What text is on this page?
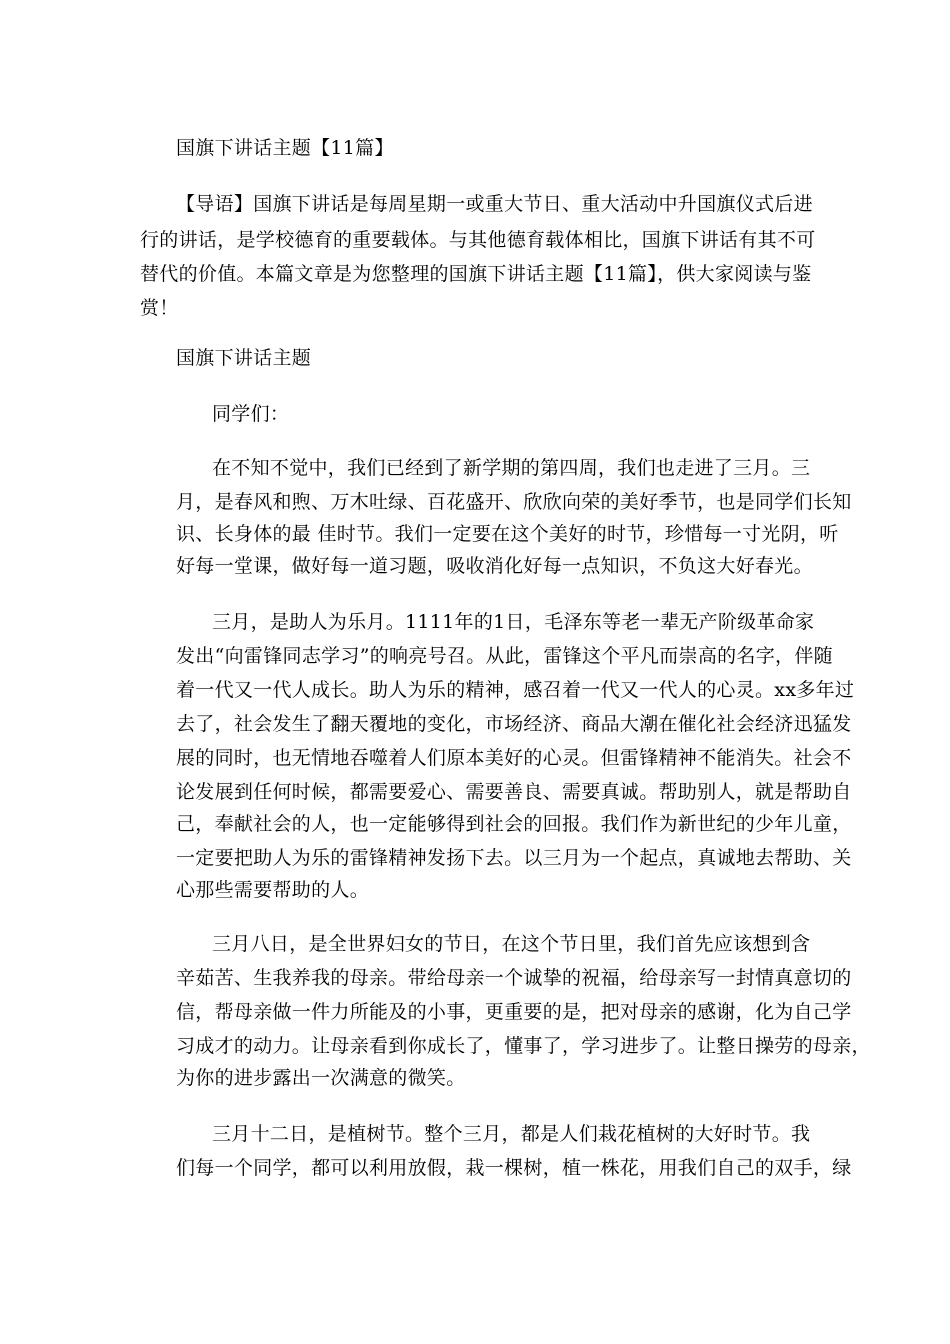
国旗下讲话主题【11篇】
【导语】国旗下讲话是每周星期一或重大节日、重大活动中升国旗仪式后进
行的讲话，是学校德育的重要载体。与其他德育载体相比，国旗下讲话有其不可
替代的价值。本篇文章是为您整理的国旗下讲话主题【11篇】，供大家阅读与鉴
赏！
国旗下讲话主题
同学们：
在不知不觉中，我们已经到了新学期的第四周，我们也走进了三月。三
月，是春风和煦、万木吐绿、百花盛开、欣欣向荣的美好季节，也是同学们长知
识、长身体的最 佳时节。我们一定要在这个美好的时节，珍惜每一寸光阴，听
好每一堂课，做好每一道习题，吸收消化好每一点知识，不负这大好春光。
三月，是助人为乐月。1111年的1日，毛泽东等老一辈无产阶级革命家
发出“向雷锋同志学习”的响亮号召。从此，雷锋这个平凡而崇高的名字，伴随
着一代又一代人成长。助人为乐的精神，感召着一代又一代人的心灵。xx多年过
去了，社会发生了翻天覆地的变化，市场经济、商品大潮在催化社会经济迅猛发
展的同时，也无情地吞噬着人们原本美好的心灵。但雷锋精神不能消失。社会不
论发展到任何时候，都需要爱心、需要善良、需要真诚。帮助别人，就是帮助自
己，奉献社会的人，也一定能够得到社会的回报。我们作为新世纪的少年儿童，
一定要把助人为乐的雷锋精神发扬下去。以三月为一个起点，真诚地去帮助、关
心那些需要帮助的人。
三月八日，是全世界妇女的节日，在这个节日里，我们首先应该想到含
辛茹苦、生我养我的母亲。带给母亲一个诚挚的祝福，给母亲写一封情真意切的
信，帮母亲做一件力所能及的小事，更重要的是，把对母亲的感谢，化为自己学
习成才的动力。让母亲看到你成长了，懂事了，学习进步了。让整日操劳的母亲，
为你的进步露出一次满意的微笑。
三月十二日，是植树节。整个三月，都是人们栽花植树的大好时节。我
们每一个同学，都可以利用放假，栽一棵树，植一株花，用我们自己的双手，绿
